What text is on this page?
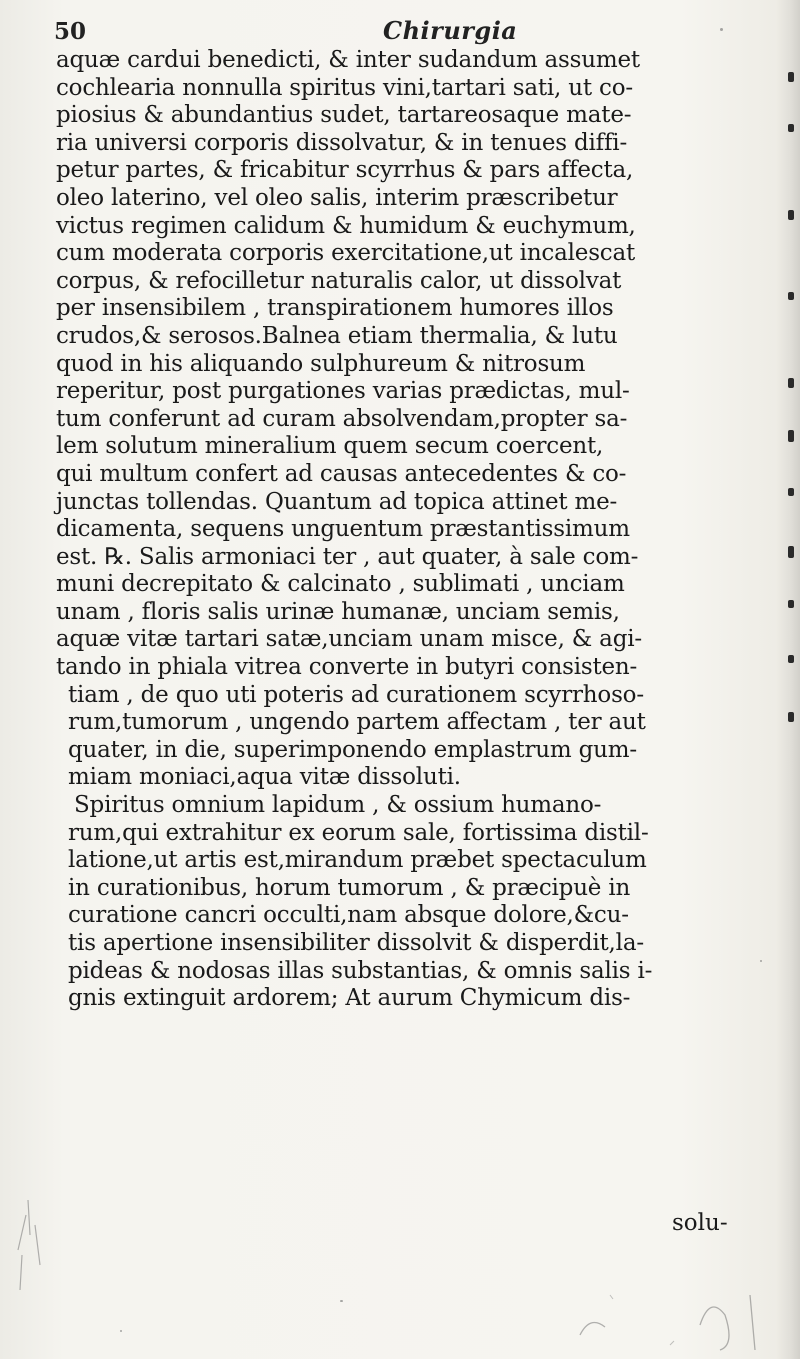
50	Chirurgia
aquæ cardui benedicti, & inter sudandum assumet
cochlearia nonnulla spiritus vini,tartari sati, ut co-
piosius & abundantius sudet, tartareosaque mate-
ria universi corporis dissolvatur, & in tenues diffi-
petur partes, & fricabitur scyrrhus & pars affecta,
oleo laterino, vel oleo salis, interim præscribetur
victus regimen calidum & humidum & euchymum,
cum moderata corporis exercitatione,ut incalescat
corpus, & refocilletur naturalis calor, ut dissolvat
per insensibilem , transpirationem humores illos
crudos,& serosos.Balnea etiam thermalia, & lutu
quod in his aliquando sulphureum & nitrosum
reperitur, post purgationes varias prædictas, mul-
tum conferunt ad curam absolvendam,propter sa-
lem solutum mineralium quem secum coercent,
qui multum confert ad causas antecedentes & co-
junctas tollendas. Quantum ad topica attinet me-
dicamenta, sequens unguentum præstantissimum
est. ℞. Salis armoniaci ter , aut quater, à sale com-
muni decrepitato & calcinato , sublimati , unciam
unam , floris salis urinæ humanæ, unciam semis,
aquæ vitæ tartari satæ,unciam unam misce, & agi-
tando in phiala vitrea converte in butyri consisten-
tiam , de quo uti poteris ad curationem scyrrhoso-
rum,tumorum , ungendo partem affectam , ter aut
quater, in die, superimponendo emplastrum gum-
miam moniaci,aqua vitæ dissoluti.
Spiritus omnium lapidum , & ossium humano-
rum,qui extrahitur ex eorum sale, fortissima distil-
latione,ut artis est,mirandum præbet spectaculum
in curationibus, horum tumorum , & præcipuè in
curatione cancri occulti,nam absque dolore,&cu-
tis apertione insensibiliter dissolvit & disperdit,la-
pideas & nodosas illas substantias, & omnis salis i-
gnis extinguit ardorem; At aurum Chymicum dis-
solu-
